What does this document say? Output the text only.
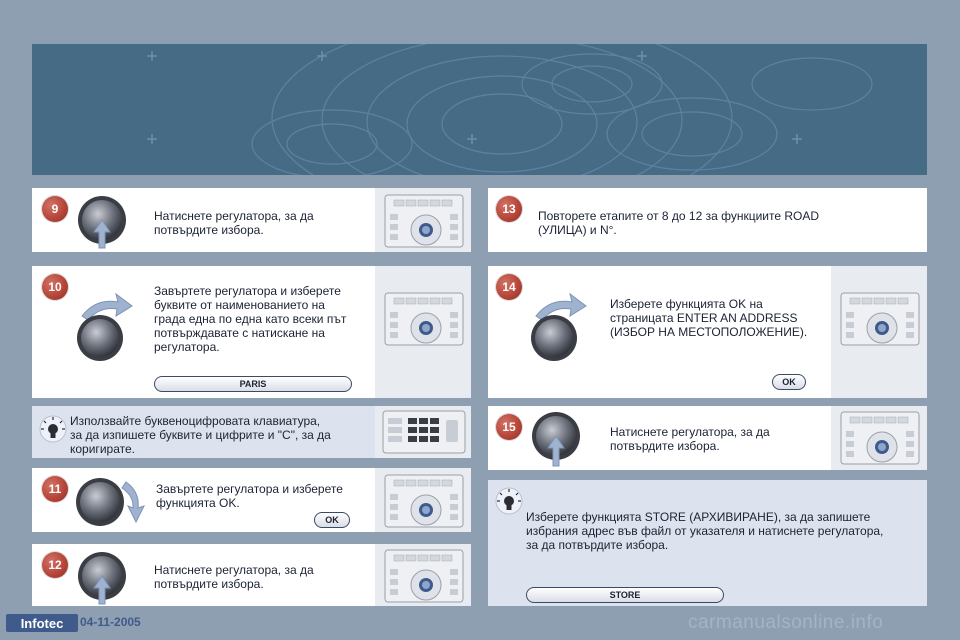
9	Натиснете регулатора, за да
потвърдите избора.
10	Завъртете регулатора и изберете
буквите от наименованието на
града една по една като всеки път
потвърждавате с натискане на
регулатора.
PARIS
Използвайте буквеноцифровата клавиатура,
за да изпишете буквите и цифрите и "C", за да
коригирате.
11	Завъртете регулатора и изберете
функцията OK.
OK
12	Натиснете регулатора, за да
потвърдите избора.
13	Повторете етапите от 8 до 12 за функциите ROAD
(УЛИЦА) и N°.
14
Изберете функцията OK на
страницата ENTER AN ADDRESS
(ИЗБОР НА МЕСТОПОЛОЖЕНИЕ).
OK
15	Натиснете регулатора, за да
потвърдите избора.
Изберете функцията STORE (АРХИВИРАНЕ), за да запишете
избрания адрес във файл от указателя и натиснете регулатора,
за да потвърдите избора.
STORE
Infotec	04-11-2005	carmanualsonline.info
